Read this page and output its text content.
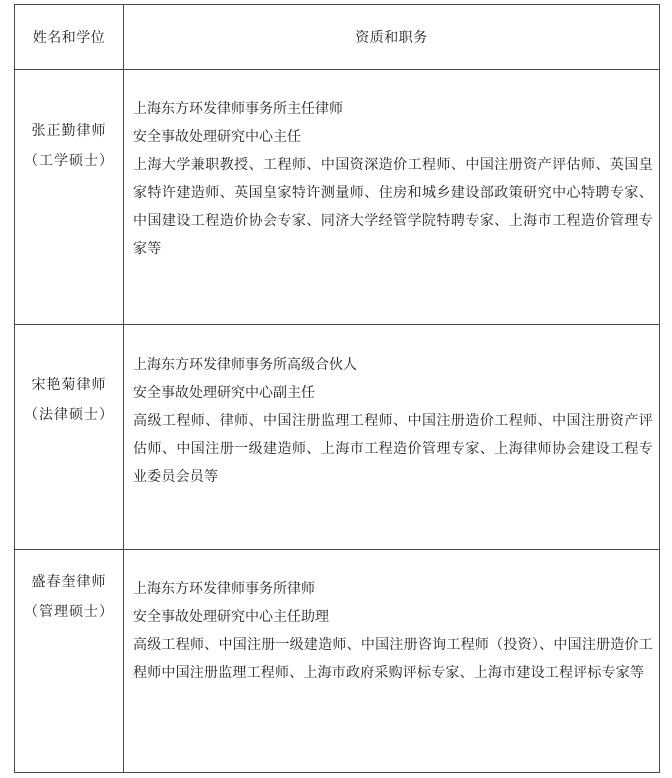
姓名和学位	资质和职务
张正勤律师
（工学硕士）
上海东方环发律师事务所主任律师
安全事故处理研究中心主任
上海大学兼职教授、工程师、中国资深造价工程师、中国注册资产评估师、英国皇家特许建造师、英国皇家特许测量师、住房和城乡建设部政策研究中心特聘专家、中国建设工程造价协会专家、同济大学经管学院特聘专家、上海市工程造价管理专家等
宋艳菊律师
（法律硕士）
上海东方环发律师事务所高级合伙人
安全事故处理研究中心副主任
高级工程师、律师、中国注册监理工程师、中国注册造价工程师、中国注册资产评估师、中国注册一级建造师、上海市工程造价管理专家、上海律师协会建设工程专业委员会员等
盛春奎律师
（管理硕士）
上海东方环发律师事务所律师
安全事故处理研究中心主任助理
高级工程师、中国注册一级建造师、中国注册咨询工程师（投资）、中国注册造价工程师中国注册监理工程师、上海市政府采购评标专家、上海市建设工程评标专家等
